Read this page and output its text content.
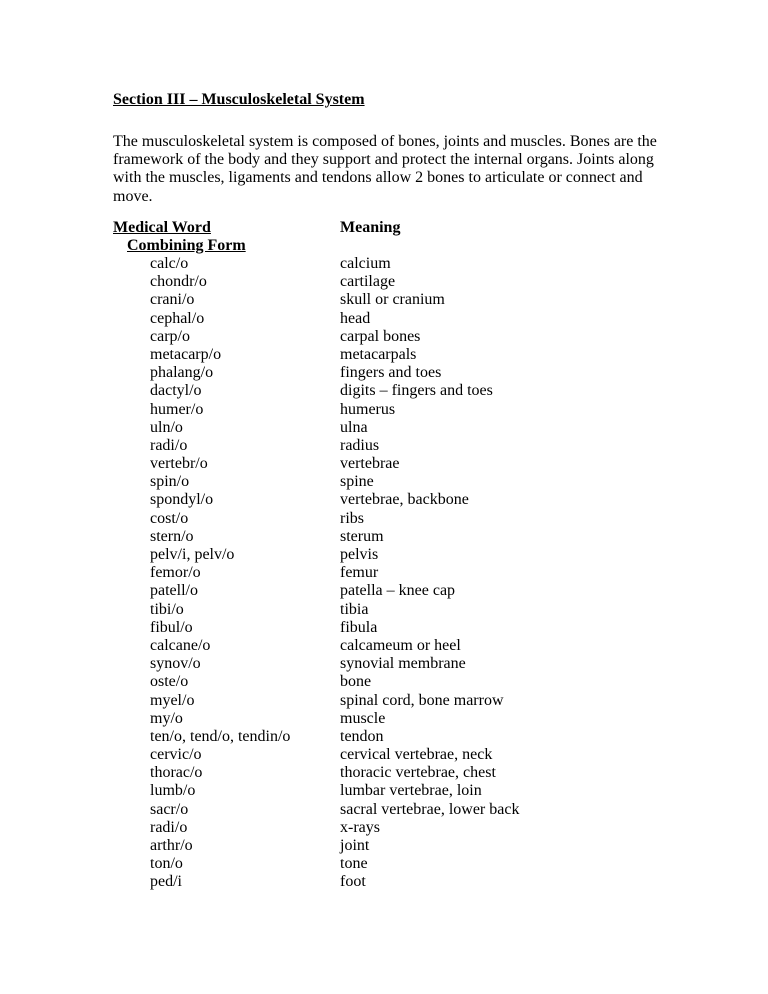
Section III – Musculoskeletal System
The musculoskeletal system is composed of bones, joints and muscles. Bones are the framework of the body and they support and protect the internal organs. Joints along with the muscles, ligaments and tendons allow 2 bones to articulate or connect and move.
Medical Word	Meaning
Combining Form
calc/o	calcium
chondr/o	cartilage
crani/o	skull or cranium
cephal/o	head
carp/o	carpal bones
metacarp/o	metacarpals
phalang/o	fingers and toes
dactyl/o	digits – fingers and toes
humer/o	humerus
uln/o	ulna
radi/o	radius
vertebr/o	vertebrae
spin/o	spine
spondyl/o	vertebrae, backbone
cost/o	ribs
stern/o	sterum
pelv/i, pelv/o	pelvis
femor/o	femur
patell/o	patella – knee cap
tibi/o	tibia
fibul/o	fibula
calcane/o	calcameum or heel
synov/o	synovial membrane
oste/o	bone
myel/o	spinal cord, bone marrow
my/o	muscle
ten/o, tend/o, tendin/o	tendon
cervic/o	cervical vertebrae, neck
thorac/o	thoracic vertebrae, chest
lumb/o	lumbar vertebrae, loin
sacr/o	sacral vertebrae, lower back
radi/o	x-rays
arthr/o	joint
ton/o	tone
ped/i	foot
